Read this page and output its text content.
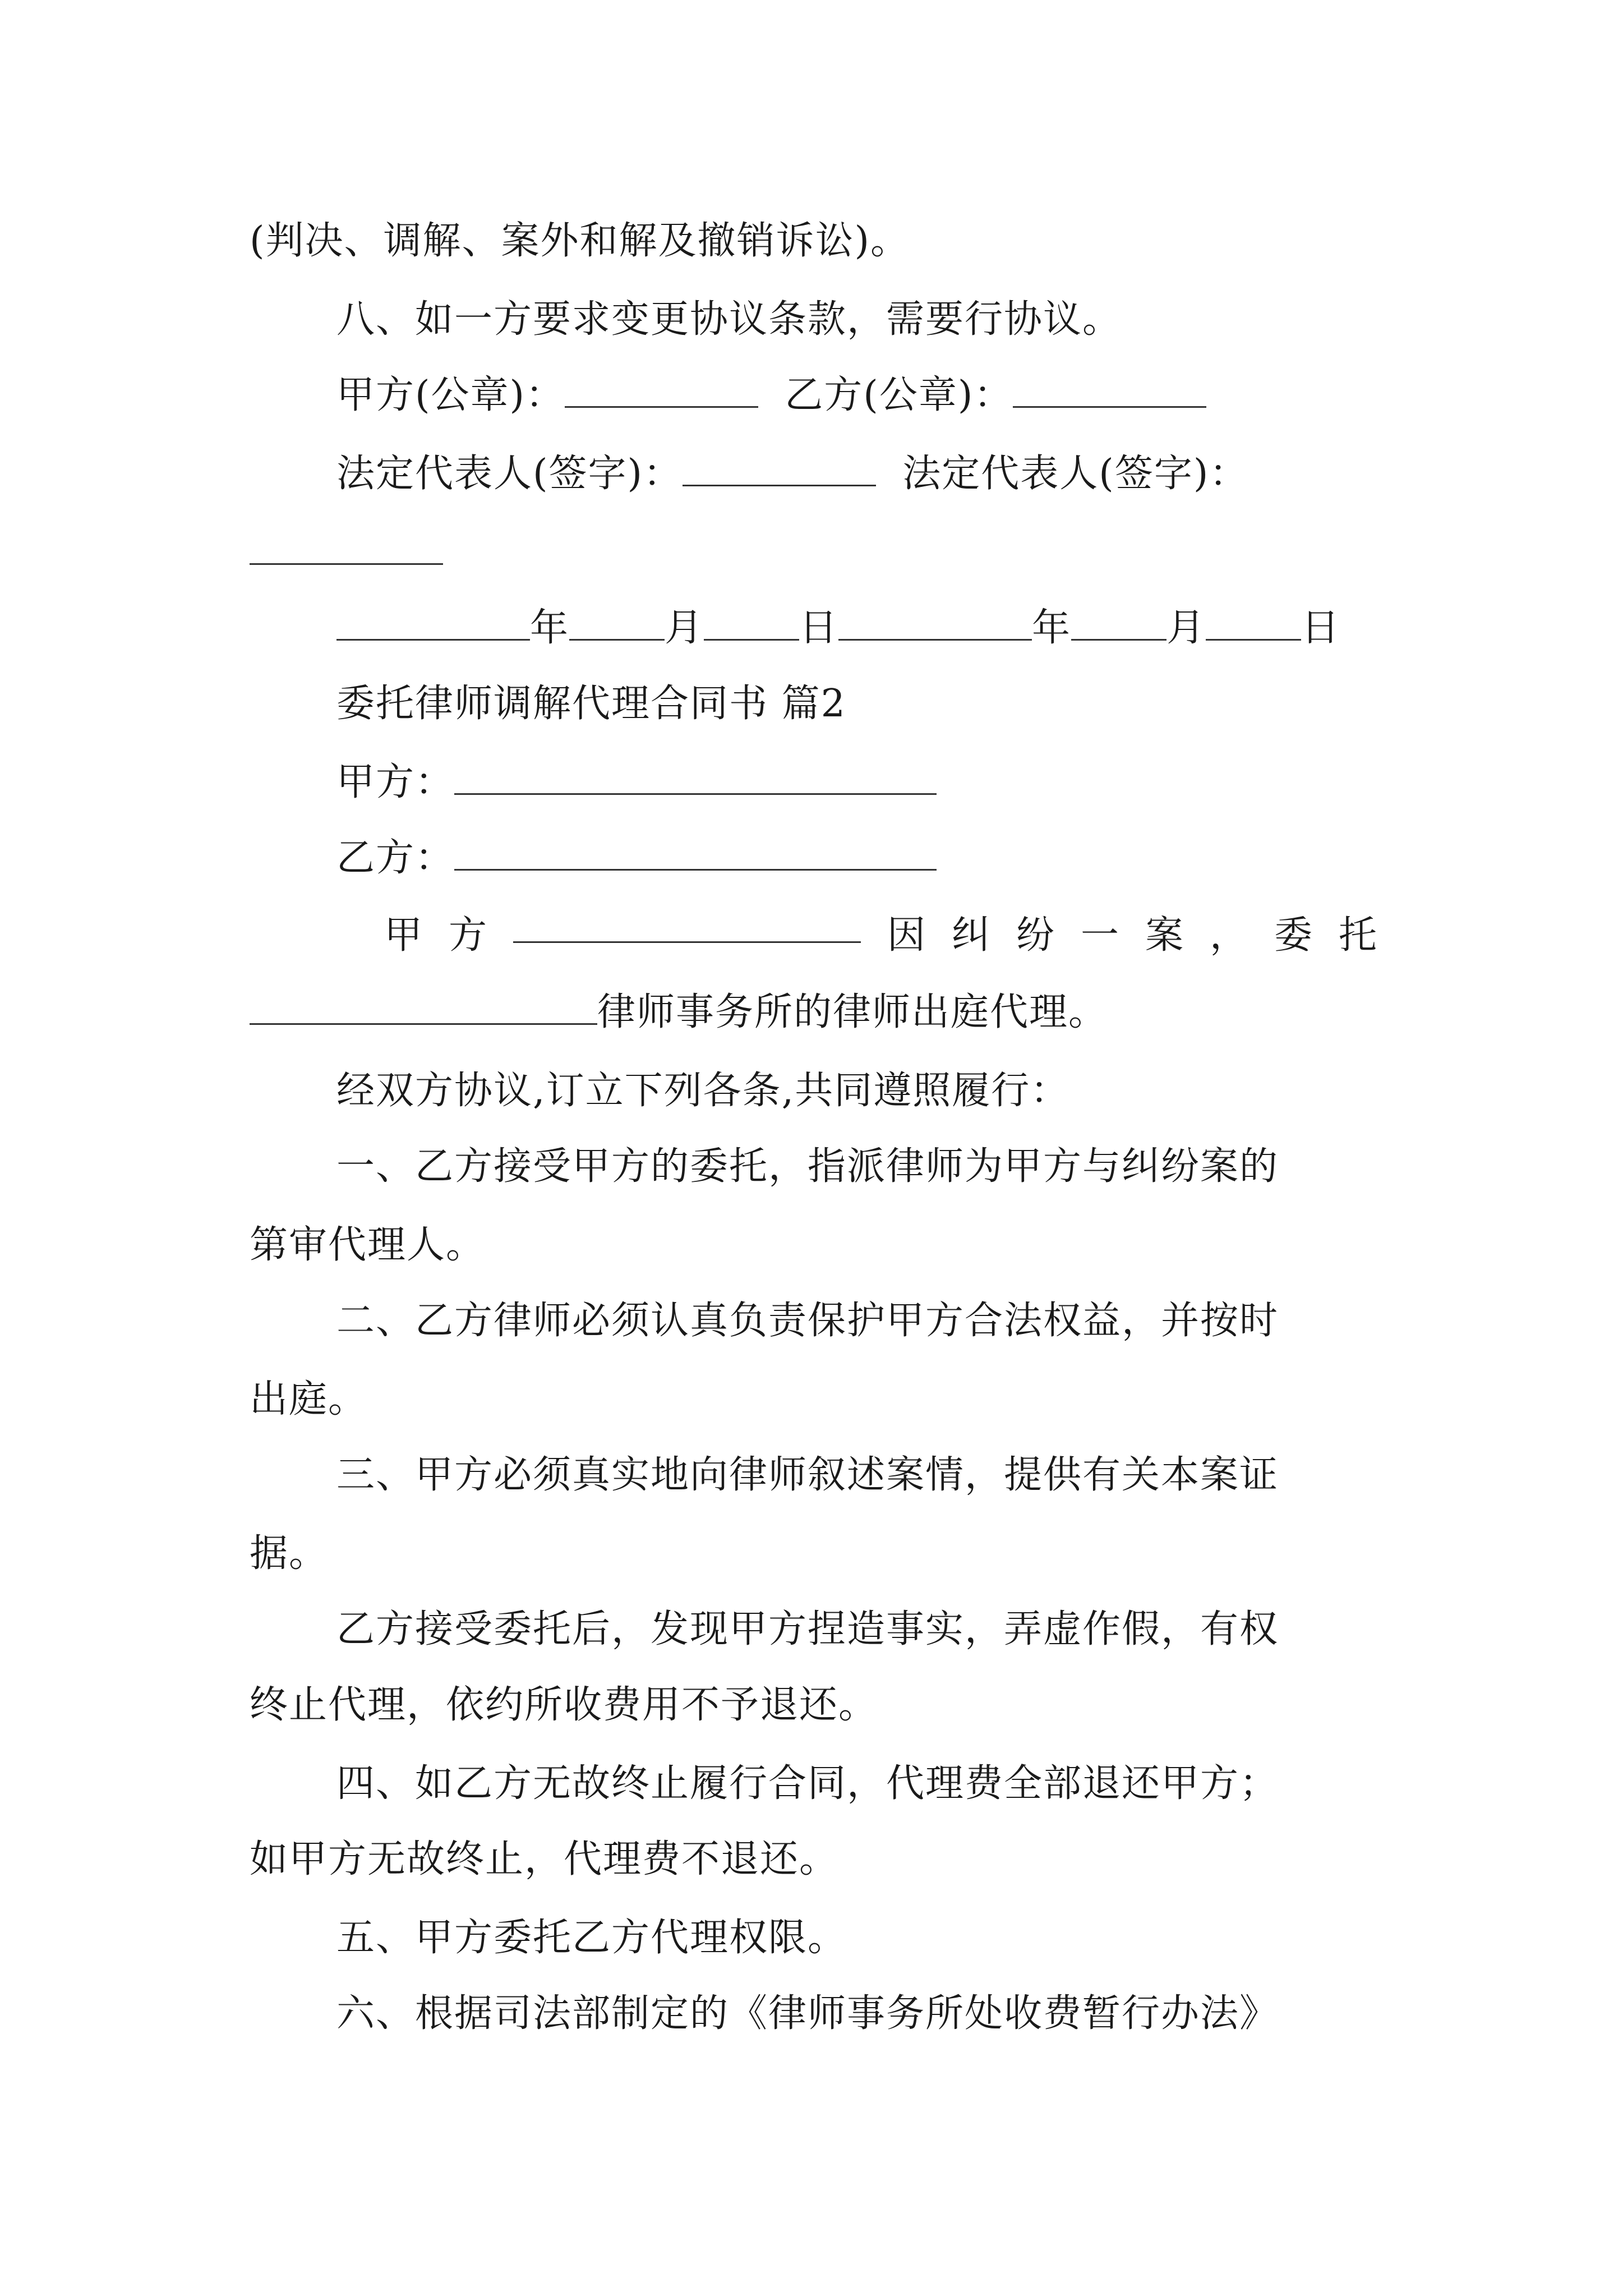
(判决、调解、案外和解及撤销诉讼)。
八、如一方要求变更协议条款，需要行协议。
甲方(公章)：	乙方(公章)：
法定代表人(签字)：	法定代表人(签字)：
年	月	日	年	月	日
委托律师调解代理合同书 篇2
甲方：
乙方：
甲 方	因 纠 纷 一 案 ， 委 托
律师事务所的律师出庭代理。
经双方协议,订立下列各条,共同遵照履行：
一、乙方接受甲方的委托，指派律师为甲方与纠纷案的
第审代理人。
二、乙方律师必须认真负责保护甲方合法权益，并按时
出庭。
三、甲方必须真实地向律师叙述案情，提供有关本案证
据。
乙方接受委托后，发现甲方捏造事实，弄虚作假，有权
终止代理，依约所收费用不予退还。
四、如乙方无故终止履行合同，代理费全部退还甲方；
如甲方无故终止，代理费不退还。
五、甲方委托乙方代理权限。
六、根据司法部制定的《律师事务所处收费暂行办法》
